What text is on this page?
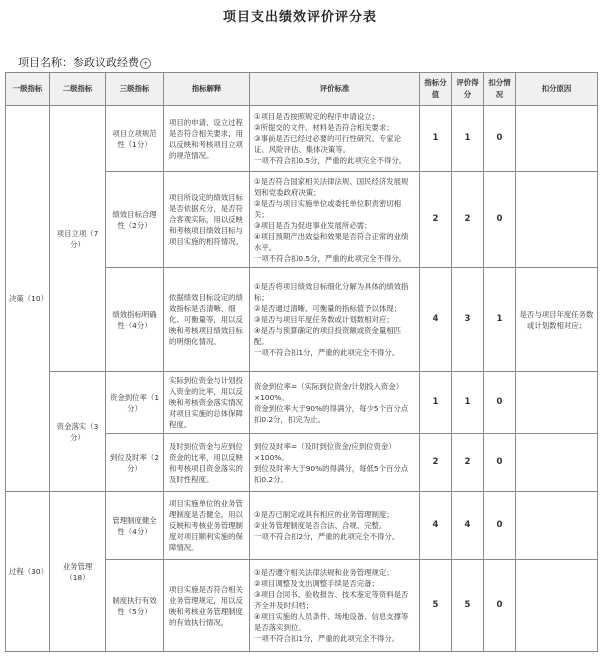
项目支出绩效评价评分表
项目名称：参政议政经费 +
一级指标	二级指标	三级指标	指标解释	评价标准	指标分值	评价得分	扣分情况	扣分原因
决策（10）	项目立项（7分）	项目立项规范性（1分）	项目的申请、设立过程是否符合相关要求，用以反映和考核项目立项的规范情况。	①项目是否按照规定的程序申请设立；
②所提交的文件、材料是否符合相关要求；
③事前是否已经过必要的可行性研究、专家论证、风险评估、集体决策等。
一项不符合扣0.5分，严重的此项完全不得分。	1	1	0	
		绩效目标合理性（2分）	项目所设定的绩效目标是否依据充分，是否符合客观实际，用以反映和考核项目绩效目标与项目实施的相符情况。	①是否符合国家相关法律法规、国民经济发展规划和党委政府决策；
②是否与项目实施单位或委托单位职责密切相关；
③项目是否为促进事业发展所必需；
④项目预期产出效益和效果是否符合正常的业绩水平。
一项不符合扣0.5分，严重的此项完全不得分。	2	2	0	
		绩效指标明确性（4分）	依据绩效目标设定的绩效指标是否清晰、细化、可衡量等，用以反映和考核项目绩效目标的明细化情况。	①是否将项目绩效目标细化分解为具体的绩效指标；
②是否通过清晰、可衡量的指标值予以体现；
③是否与项目年度任务数或计划数相对应；
④是否与预算确定的项目投资额或资金量相匹配。
一项不符合扣1分，严重的此项完全不得分。	4	3	1	是否与项目年度任务数或计划数相对应；
	资金落实（3分）	资金到位率（1分）	实际到位资金与计划投入资金的比率，用以反映和考核资金落实情况对项目实施的总体保障程度。	资金到位率=（实际到位资金/计划投入资金）×100%。
资金到位率大于90%的得满分，每少5个百分点扣0.2分，扣完为止。	1	1	0	
		到位及时率（2分）	及时到位资金与应到位资金的比率，用以反映和考核项目资金落实的及时性程度。	到位及时率=（及时到位资金/应到位资金）×100%。
到位及时率大于90%的得满分，每低5个百分点扣0.2分。	2	2	0	
过程（30）	业务管理（18）	管理制度健全性（4分）	项目实施单位的业务管理制度是否健全，用以反映和考核业务管理制度对项目顺利实施的保障情况。	①是否已制定或具有相应的业务管理制度；
②业务管理制度是否合法、合规、完整。
一项不符合扣2分，严重的此项完全不得分。	4	4	0	
		制度执行有效性（5分）	项目实施是否符合相关业务管理规定，用以反映和考核业务管理制度的有效执行情况。	①是否遵守相关法律法规和业务管理规定；
②项目调整及支出调整手续是否完备；
③项目合同书、验收报告、技术鉴定等资料是否齐全并及时归档；
④项目实施的人员条件、场地设备、信息支撑等是否落实到位。
一项不符合扣1分，严重的此项完全不得分。	5	5	0	
